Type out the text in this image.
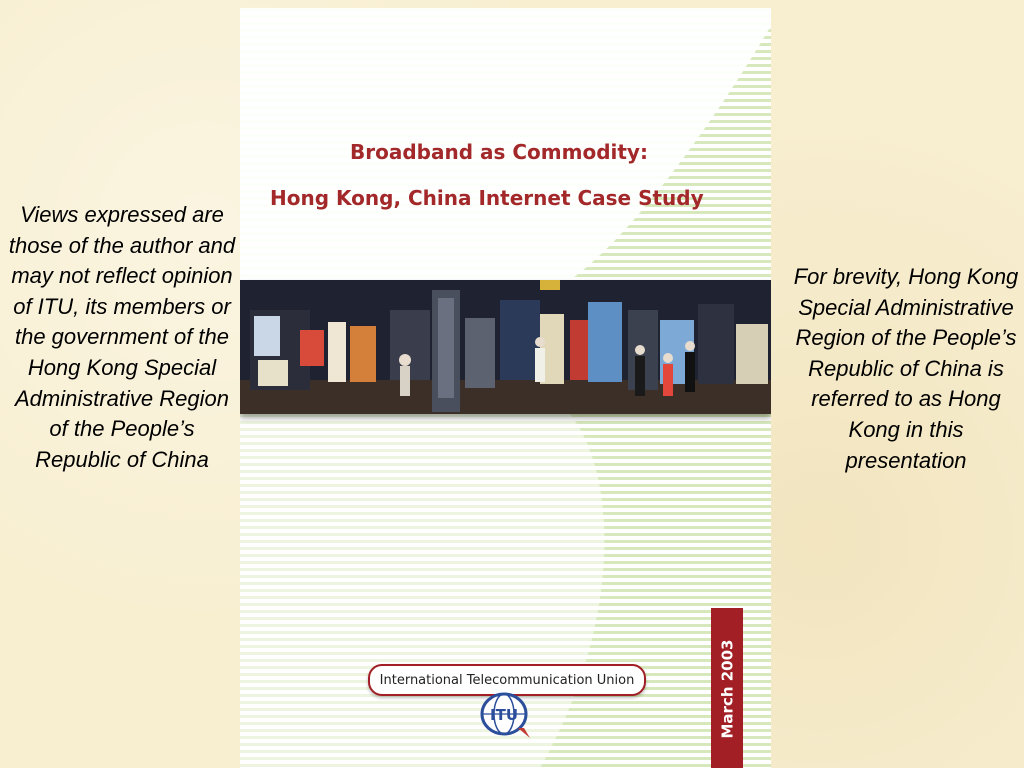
Views expressed are those of the author and may not reflect opinion of ITU, its members or the government of the Hong Kong Special Administrative Region of the People’s Republic of China
For brevity, Hong Kong Special Administrative Region of the People’s Republic of China is referred to as Hong Kong in this presentation
Broadband as Commodity:
Hong Kong, China Internet Case Study
March 2003
International Telecommunication Union
ITU
